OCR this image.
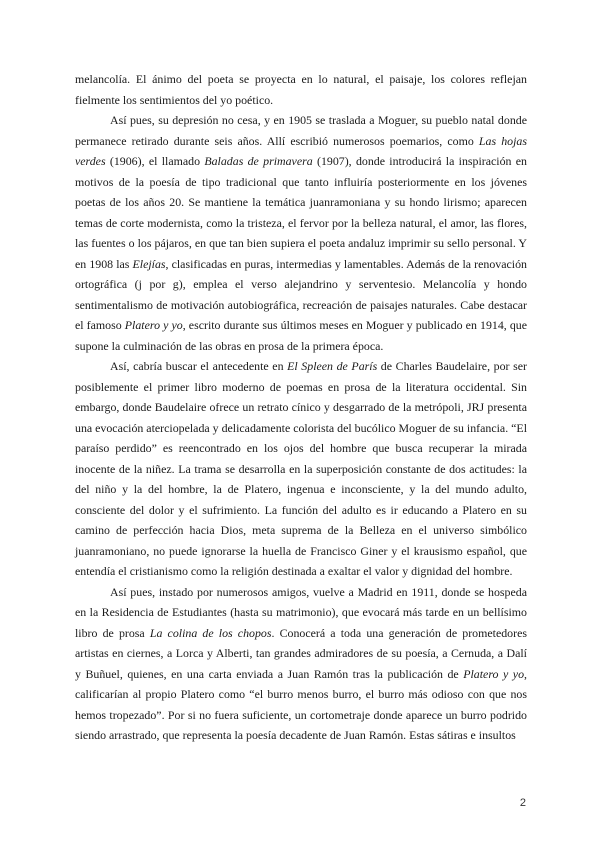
melancolía. El ánimo del poeta se proyecta en lo natural, el paisaje, los colores reflejan fielmente los sentimientos del yo poético.

Así pues, su depresión no cesa, y en 1905 se traslada a Moguer, su pueblo natal donde permanece retirado durante seis años. Allí escribió numerosos poemarios, como Las hojas verdes (1906), el llamado Baladas de primavera (1907), donde introducirá la inspiración en motivos de la poesía de tipo tradicional que tanto influiría posteriormente en los jóvenes poetas de los años 20. Se mantiene la temática juanramoniana y su hondo lirismo; aparecen temas de corte modernista, como la tristeza, el fervor por la belleza natural, el amor, las flores, las fuentes o los pájaros, en que tan bien supiera el poeta andaluz imprimir su sello personal. Y en 1908 las Elejías, clasificadas en puras, intermedias y lamentables. Además de la renovación ortográfica (j por g), emplea el verso alejandrino y serventesio. Melancolía y hondo sentimentalismo de motivación autobiográfica, recreación de paisajes naturales. Cabe destacar el famoso Platero y yo, escrito durante sus últimos meses en Moguer y publicado en 1914, que supone la culminación de las obras en prosa de la primera época.

Así, cabría buscar el antecedente en El Spleen de París de Charles Baudelaire, por ser posiblemente el primer libro moderno de poemas en prosa de la literatura occidental. Sin embargo, donde Baudelaire ofrece un retrato cínico y desgarrado de la metrópoli, JRJ presenta una evocación aterciopelada y delicadamente colorista del bucólico Moguer de su infancia. “El paraíso perdido” es reencontrado en los ojos del hombre que busca recuperar la mirada inocente de la niñez. La trama se desarrolla en la superposición constante de dos actitudes: la del niño y la del hombre, la de Platero, ingenua e inconsciente, y la del mundo adulto, consciente del dolor y el sufrimiento. La función del adulto es ir educando a Platero en su camino de perfección hacia Dios, meta suprema de la Belleza en el universo simbólico juanramoniano, no puede ignorarse la huella de Francisco Giner y el krausismo español, que entendía el cristianismo como la religión destinada a exaltar el valor y dignidad del hombre.

Así pues, instado por numerosos amigos, vuelve a Madrid en 1911, donde se hospeda en la Residencia de Estudiantes (hasta su matrimonio), que evocará más tarde en un bellísimo libro de prosa La colina de los chopos. Conocerá a toda una generación de prometedores artistas en ciernes, a Lorca y Alberti, tan grandes admiradores de su poesía, a Cernuda, a Dalí y Buñuel, quienes, en una carta enviada a Juan Ramón tras la publicación de Platero y yo, calificarían al propio Platero como “el burro menos burro, el burro más odioso con que nos hemos tropezado”. Por si no fuera suficiente, un cortometraje donde aparece un burro podrido siendo arrastrado, que representa la poesía decadente de Juan Ramón. Estas sátiras e insultos

2
